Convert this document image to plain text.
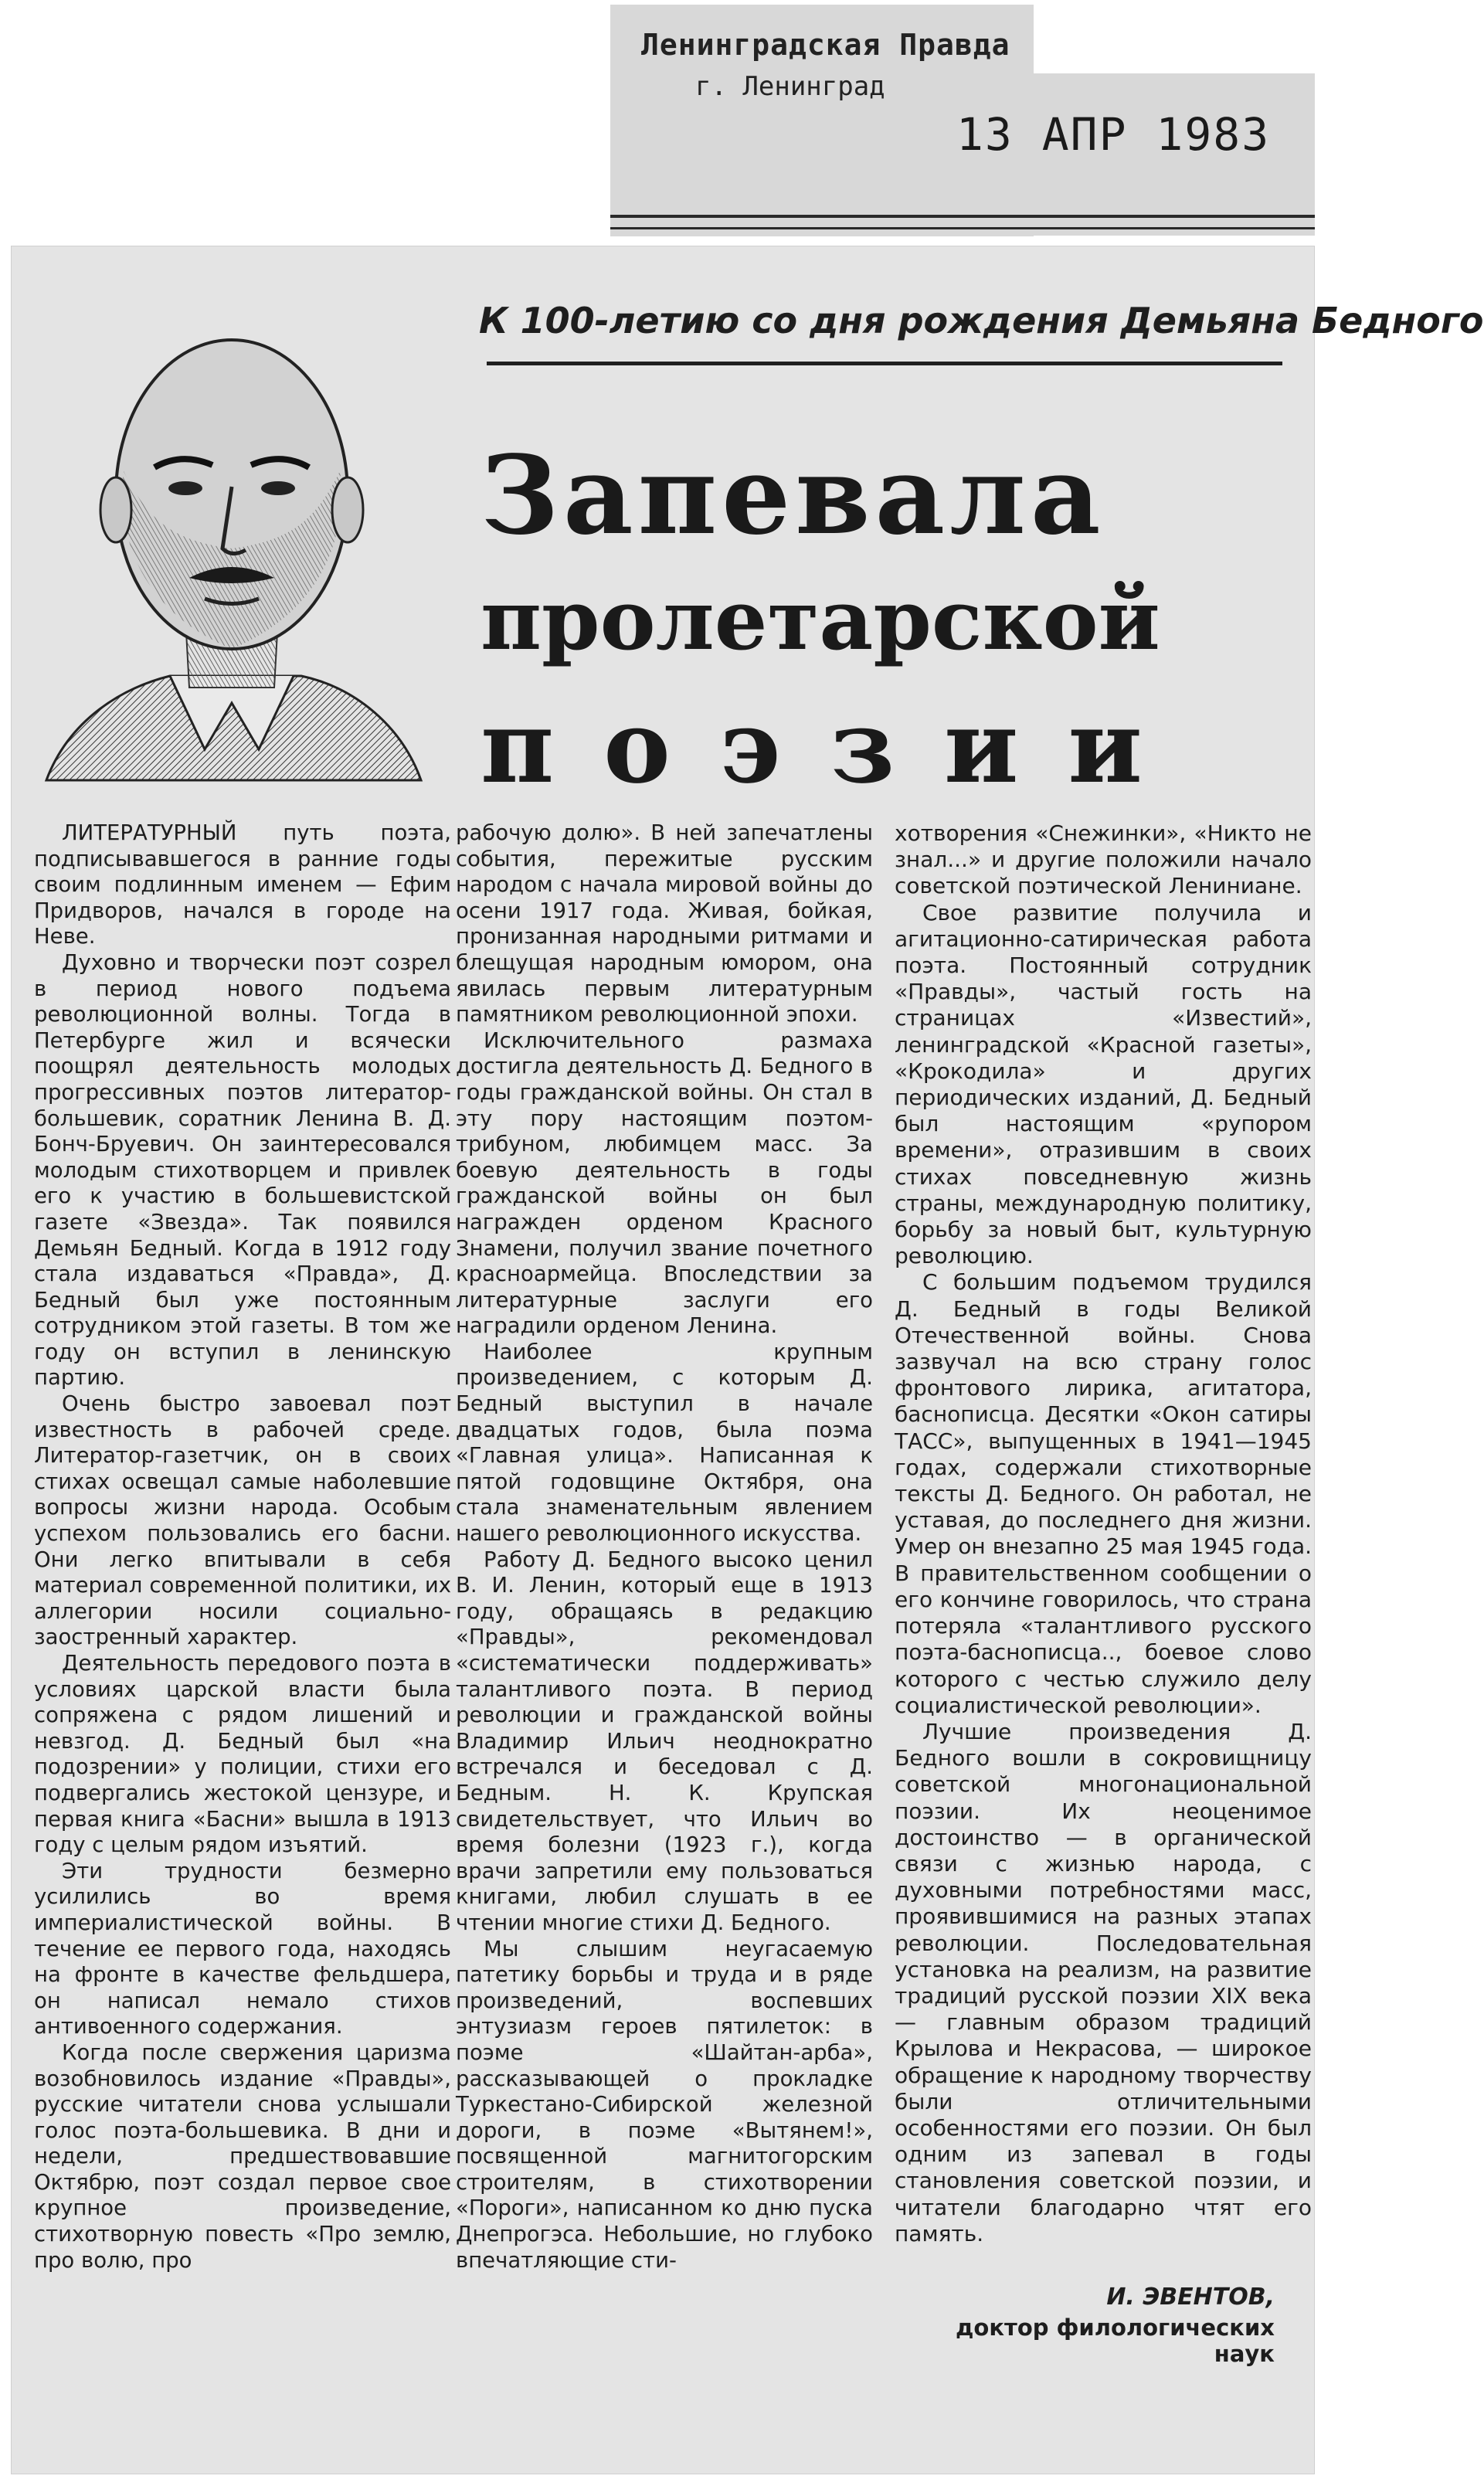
Ленинградская Правда
г. Ленинград
13 АПР 1983
К 100-летию со дня рождения Демьяна Бедного
Запевала
пролетарской
поэзии

ЛИТЕРАТУРНЫЙ путь поэта, подписывавшегося в ранние годы своим подлинным именем — Ефим Придворов, начался в городе на Неве.

Духовно и творчески поэт созрел в период нового подъема революционной волны. Тогда в Петербурге жил и всячески поощрял деятельность молодых прогрессивных поэтов литератор-большевик, соратник Ленина В. Д. Бонч-Бруевич. Он заинтересовался молодым стихотворцем и привлек его к участию в большевистской газете «Звезда». Так появился Демьян Бедный. Когда в 1912 году стала издаваться «Правда», Д. Бедный был уже постоянным сотрудником этой газеты. В том же году он вступил в ленинскую партию.

Очень быстро завоевал поэт известность в рабочей среде. Литератор-газетчик, он в своих стихах освещал самые наболевшие вопросы жизни народа. Особым успехом пользовались его басни. Они легко впитывали в себя материал современной политики, их аллегории носили социально-заостренный характер.

Деятельность передового поэта в условиях царской власти была сопряжена с рядом лишений и невзгод. Д. Бедный был «на подозрении» у полиции, стихи его подвергались жестокой цензуре, и первая книга «Басни» вышла в 1913 году с целым рядом изъятий.

Эти трудности безмерно усилились во время империалистической войны. В течение ее первого года, находясь на фронте в качестве фельдшера, он написал немало стихов антивоенного содержания.

Когда после свержения царизма возобновилось издание «Правды», русские читатели снова услышали голос поэта-большевика. В дни и недели, предшествовавшие Октябрю, поэт создал первое свое крупное произведение, стихотворную повесть «Про землю, про волю, про

рабочую долю». В ней запечатлены события, пережитые русским народом с начала мировой войны до осени 1917 года. Живая, бойкая, пронизанная народными ритмами и блещущая народным юмором, она явилась первым литературным памятником революционной эпохи.

Исключительного размаха достигла деятельность Д. Бедного в годы гражданской войны. Он стал в эту пору настоящим поэтом-трибуном, любимцем масс. За боевую деятельность в годы гражданской войны он был награжден орденом Красного Знамени, получил звание почетного красноармейца. Впоследствии за литературные заслуги его наградили орденом Ленина.

Наиболее крупным произведением, с которым Д. Бедный выступил в начале двадцатых годов, была поэма «Главная улица». Написанная к пятой годовщине Октября, она стала знаменательным явлением нашего революционного искусства.

Работу Д. Бедного высоко ценил В. И. Ленин, который еще в 1913 году, обращаясь в редакцию «Правды», рекомендовал «систематически поддерживать» талантливого поэта. В период революции и гражданской войны Владимир Ильич неоднократно встречался и беседовал с Д. Бедным. Н. К. Крупская свидетельствует, что Ильич во время болезни (1923 г.), когда врачи запретили ему пользоваться книгами, любил слушать в ее чтении многие стихи Д. Бедного.

Мы слышим неугасаемую патетику борьбы и труда и в ряде произведений, воспевших энтузиазм героев пятилеток: в поэме «Шайтан-арба», рассказывающей о прокладке Туркестано-Сибирской железной дороги, в поэме «Вытянем!», посвященной магнитогорским строителям, в стихотворении «Пороги», написанном ко дню пуска Днепрогэса. Небольшие, но глубоко впечатляющие сти-

хотворения «Снежинки», «Никто не знал...» и другие положили начало советской поэтической Лениниане.

Свое развитие получила и агитационно-сатирическая работа поэта. Постоянный сотрудник «Правды», частый гость на страницах «Известий», ленинградской «Красной газеты», «Крокодила» и других периодических изданий, Д. Бедный был настоящим «рупором времени», отразившим в своих стихах повседневную жизнь страны, международную политику, борьбу за новый быт, культурную революцию.

С большим подъемом трудился Д. Бедный в годы Великой Отечественной войны. Снова зазвучал на всю страну голос фронтового лирика, агитатора, баснописца. Десятки «Окон сатиры ТАСС», выпущенных в 1941—1945 годах, содержали стихотворные тексты Д. Бедного. Он работал, не уставая, до последнего дня жизни. Умер он внезапно 25 мая 1945 года. В правительственном сообщении о его кончине говорилось, что страна потеряла «талантливого русского поэта-баснописца.., боевое слово которого с честью служило делу социалистической революции».

Лучшие произведения Д. Бедного вошли в сокровищницу советской многонациональной поэзии. Их неоценимое достоинство — в органической связи с жизнью народа, с духовными потребностями масс, проявившимися на разных этапах революции. Последовательная установка на реализм, на развитие традиций русской поэзии XIX века — главным образом традиций Крылова и Некрасова, — широкое обращение к народному творчеству были отличительными особенностями его поэзии. Он был одним из запевал в годы становления советской поэзии, и читатели благодарно чтят его память.

И. ЭВЕНТОВ,
доктор филологических наук
